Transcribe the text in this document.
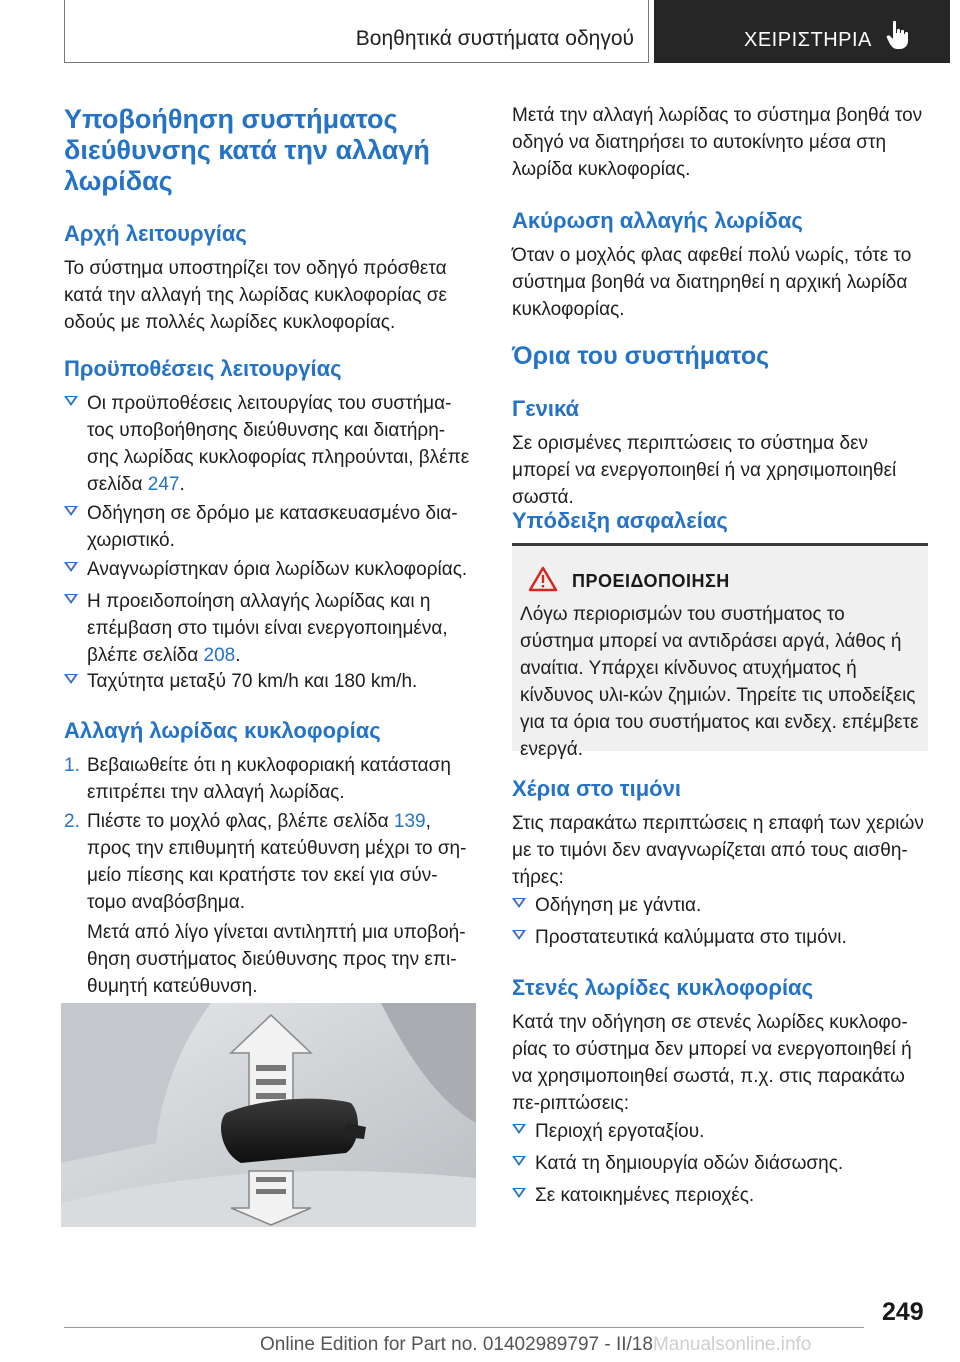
Βοηθητικά συστήματα οδηγού	ΧΕΙΡΙΣΤΗΡΙΑ
Υποβοήθηση συστήματος διεύθυνσης κατά την αλλαγή λωρίδας
Αρχή λειτουργίας

Το σύστημα υποστηρίζει τον οδηγό πρόσθετα κατά την αλλαγή της λωρίδας κυκλοφορίας σε οδούς με πολλές λωρίδες κυκλοφορίας.

Προϋποθέσεις λειτουργίας
Οι προϋποθέσεις λειτουργίας του συστήμα‐τος υποβοήθησης διεύθυνσης και διατήρη‐σης λωρίδας κυκλοφορίας πληρούνται, βλέπε σελίδα 247.
Οδήγηση σε δρόμο με κατασκευασμένο δια‐χωριστικό.
Αναγνωρίστηκαν όρια λωρίδων κυκλοφορίας.
Η προειδοποίηση αλλαγής λωρίδας και η επέμβαση στο τιμόνι είναι ενεργοποιημένα, βλέπε σελίδα 208.
Ταχύτητα μεταξύ 70 km/h και 180 km/h.
Αλλαγή λωρίδας κυκλοφορίας
1. Βεβαιωθείτε ότι η κυκλοφοριακή κατάσταση επιτρέπει την αλλαγή λωρίδας.
2. Πιέστε το μοχλό φλας, βλέπε σελίδα 139, προς την επιθυμητή κατεύθυνση μέχρι το ση‐μείο πίεσης και κρατήστε τον εκεί για σύν‐τομο αναβόσβημα.

Μετά από λίγο γίνεται αντιληπτή μια υποβοή‐θηση συστήματος διεύθυνσης προς την επι‐θυμητή κατεύθυνση.

Μετά την αλλαγή λωρίδας το σύστημα βοηθά τον οδηγό να διατηρήσει το αυτοκίνητο μέσα στη λωρίδα κυκλοφορίας.

Ακύρωση αλλαγής λωρίδας

Όταν ο μοχλός φλας αφεθεί πολύ νωρίς, τότε το σύστημα βοηθά να διατηρηθεί η αρχική λωρίδα κυκλοφορίας.

Όρια του συστήματος
Γενικά

Σε ορισμένες περιπτώσεις το σύστημα δεν μπορεί να ενεργοποιηθεί ή να χρησιμοποιηθεί σωστά.

Υπόδειξη ασφαλείας
ΠΡΟΕΙΔΟΠΟΙΗΣΗ

Λόγω περιορισμών του συστήματος το σύστημα μπορεί να αντιδράσει αργά, λάθος ή αναίτια. Υπάρχει κίνδυνος ατυχήματος ή κίνδυνος υλι‐κών ζημιών. Τηρείτε τις υποδείξεις για τα όρια του συστήματος και ενδεχ. επέμβετε ενεργά.

Χέρια στο τιμόνι

Στις παρακάτω περιπτώσεις η επαφή των χεριών με το τιμόνι δεν αναγνωρίζεται από τους αισθη‐τήρες:

Οδήγηση με γάντια.
Προστατευτικά καλύμματα στο τιμόνι.
Στενές λωρίδες κυκλοφορίας

Κατά την οδήγηση σε στενές λωρίδες κυκλοφο‐ρίας το σύστημα δεν μπορεί να ενεργοποιηθεί ή να χρησιμοποιηθεί σωστά, π.χ. στις παρακάτω πε‐ριπτώσεις:

Περιοχή εργοταξίου.
Κατά τη δημιουργία οδών διάσωσης.
Σε κατοικημένες περιοχές.
249
Online Edition for Part no. 01402989797 - II/18Manualsonline.info
